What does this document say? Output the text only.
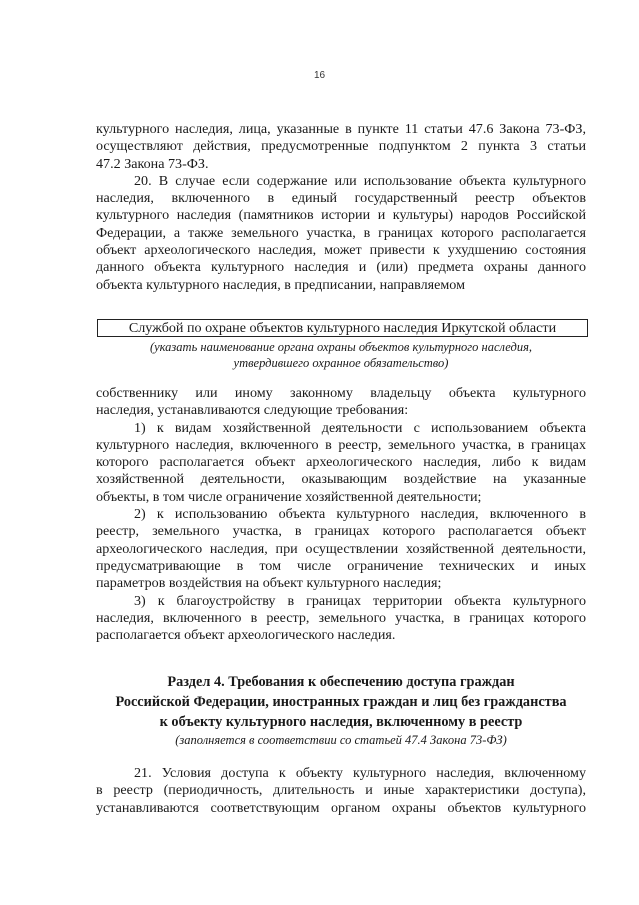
16
культурного наследия, лица, указанные в пункте 11 статьи 47.6 Закона 73-ФЗ,
осуществляют действия, предусмотренные подпунктом 2 пункта 3 статьи
47.2 Закона 73-ФЗ.
20. В случае если содержание или использование объекта культурного
наследия, включенного в единый государственный реестр объектов
культурного наследия (памятников истории и культуры) народов Российской
Федерации, а также земельного участка, в границах которого располагается
объект археологического наследия, может привести к ухудшению состояния
данного объекта культурного наследия и (или) предмета охраны данного
объекта культурного наследия, в предписании, направляемом
Службой по охране объектов культурного наследия Иркутской области
(указать наименование органа охраны объектов культурного наследия,
утвердившего охранное обязательство)
собственнику или иному законному владельцу объекта культурного
наследия, устанавливаются следующие требования:
1) к видам хозяйственной деятельности с использованием объекта
культурного наследия, включенного в реестр, земельного участка, в границах
которого располагается объект археологического наследия, либо к видам
хозяйственной деятельности, оказывающим воздействие на указанные
объекты, в том числе ограничение хозяйственной деятельности;
2) к использованию объекта культурного наследия, включенного в
реестр, земельного участка, в границах которого располагается объект
археологического наследия, при осуществлении хозяйственной деятельности,
предусматривающие в том числе ограничение технических и иных
параметров воздействия на объект культурного наследия;
3) к благоустройству в границах территории объекта культурного
наследия, включенного в реестр, земельного участка, в границах которого
располагается объект археологического наследия.
Раздел 4. Требования к обеспечению доступа граждан
Российской Федерации, иностранных граждан и лиц без гражданства
к объекту культурного наследия, включенному в реестр
(заполняется в соответствии со статьей 47.4 Закона 73-ФЗ)
21. Условия доступа к объекту культурного наследия, включенному
в реестр (периодичность, длительность и иные характеристики доступа),
устанавливаются соответствующим органом охраны объектов культурного
